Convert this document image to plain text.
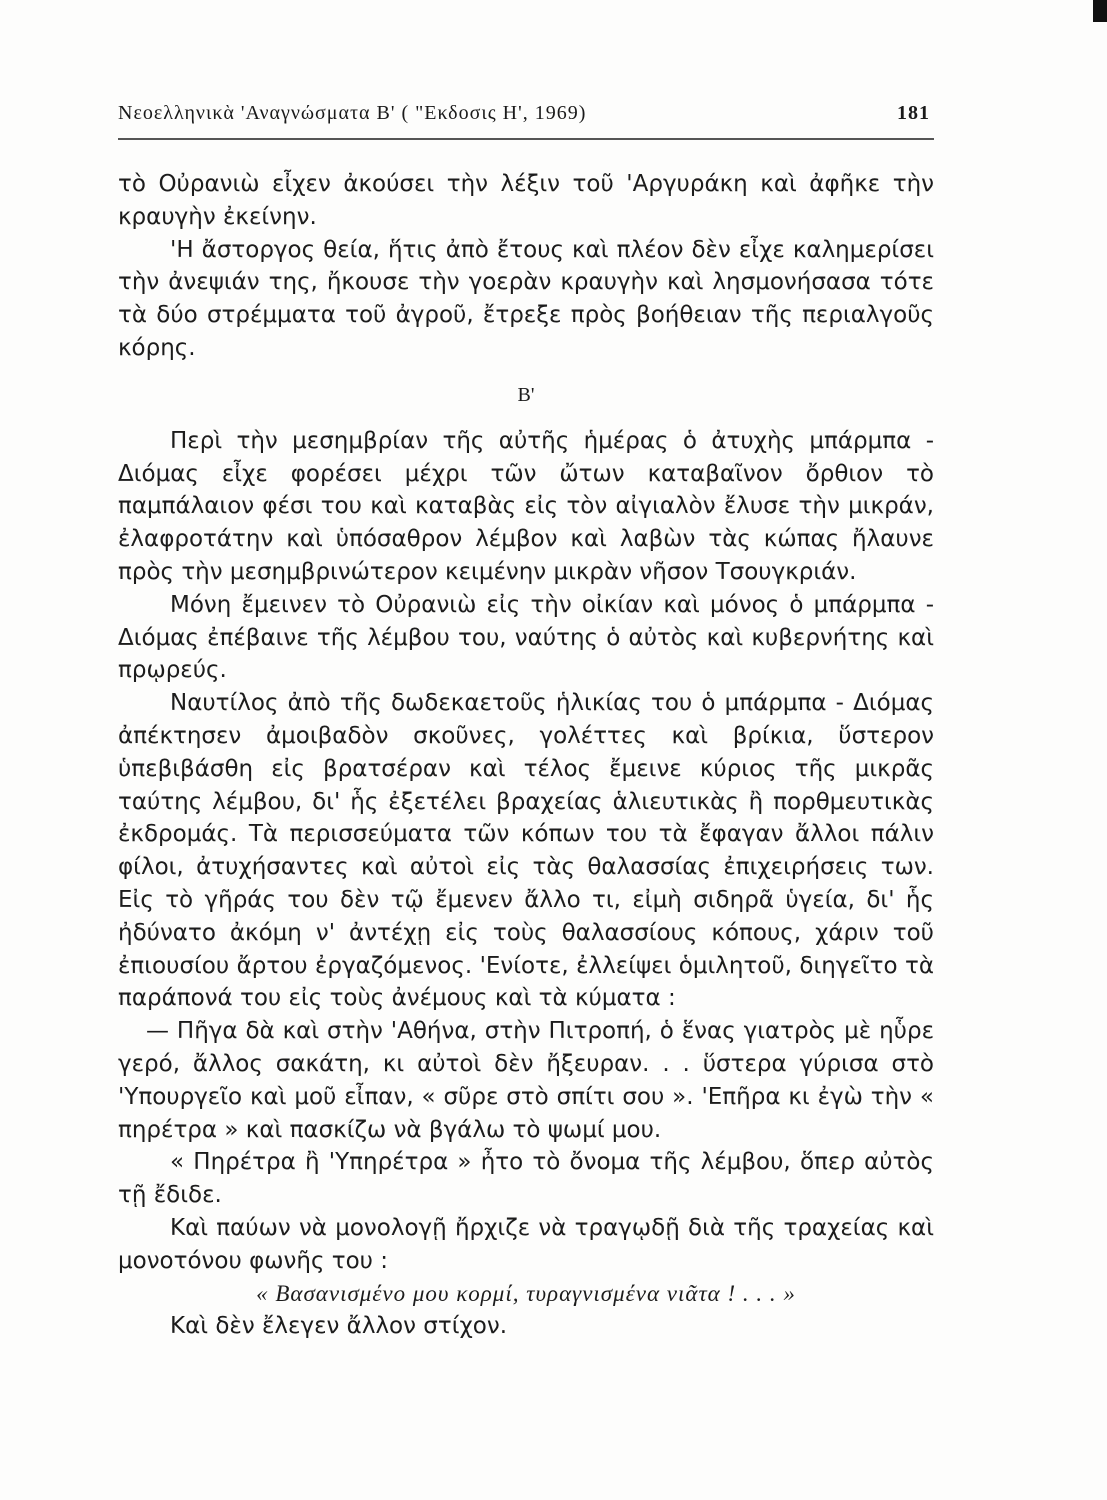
Νεοελληνικὰ 'Αναγνώσματα Β' ( "Εκδοσις Η', 1969)	181

τὸ Οὐρανιὼ εἶχεν ἀκούσει τὴν λέξιν τοῦ 'Αργυράκη καὶ ἀφῆκε τὴν κραυγὴν ἐκείνην.

'Η ἄστοργος θεία, ἥτις ἀπὸ ἔτους καὶ πλέον δὲν εἶχε καλημερίσει τὴν ἀνεψιάν της, ἤκουσε τὴν γοερὰν κραυγὴν καὶ λησμονήσασα τότε τὰ δύο στρέμματα τοῦ ἀγροῦ, ἔτρεξε πρὸς βοήθειαν τῆς περιαλγοῦς κόρης.

Β'

Περὶ τὴν μεσημβρίαν τῆς αὐτῆς ἡμέρας ὁ ἀτυχὴς μπάρμπα - Διόμας εἶχε φορέσει μέχρι τῶν ὤτων καταβαῖνον ὄρθιον τὸ παμπάλαιον φέσι του καὶ καταβὰς εἰς τὸν αἰγιαλὸν ἔλυσε τὴν μικράν, ἐλαφροτάτην καὶ ὑπόσαθρον λέμβον καὶ λαβὼν τὰς κώπας ἤλαυνε πρὸς τὴν μεσημβρινώτερον κειμένην μικρὰν νῆσον Τσουγκριάν.

Μόνη ἔμεινεν τὸ Οὐρανιὼ εἰς τὴν οἰκίαν καὶ μόνος ὁ μπάρμπα - Διόμας ἐπέβαινε τῆς λέμβου του, ναύτης ὁ αὐτὸς καὶ κυβερνήτης καὶ πρῳρεύς.

Ναυτίλος ἀπὸ τῆς δωδεκαετοῦς ἡλικίας του ὁ μπάρμπα - Διόμας ἀπέκτησεν ἀμοιβαδὸν σκοῦνες, γολέττες καὶ βρίκια, ὕστερον ὑπεβιβάσθη εἰς βρατσέραν καὶ τέλος ἔμεινε κύριος τῆς μικρᾶς ταύτης λέμβου, δι' ἧς ἐξετέλει βραχείας ἁλιευτικὰς ἢ πορθμευτικὰς ἐκδρομάς. Τὰ περισσεύματα τῶν κόπων του τὰ ἔφαγαν ἄλλοι πάλιν φίλοι, ἀτυχήσαντες καὶ αὐτοὶ εἰς τὰς θαλασσίας ἐπιχειρήσεις των. Εἰς τὸ γῆράς του δὲν τῷ ἔμενεν ἄλλο τι, εἰμὴ σιδηρᾶ ὑγεία, δι' ἧς ἠδύνατο ἀκόμη ν' ἀντέχῃ εἰς τοὺς θαλασσίους κόπους, χάριν τοῦ ἐπιουσίου ἄρτου ἐργαζόμενος. 'Ενίοτε, ἐλλείψει ὁμιλητοῦ, διηγεῖτο τὰ παράπονά του εἰς τοὺς ἀνέμους καὶ τὰ κύματα :

— Πῆγα δὰ καὶ στὴν 'Αθήνα, στὴν Πιτροπή, ὁ ἕνας γιατρὸς μὲ ηὗρε γερό, ἄλλος σακάτη, κι αὐτοὶ δὲν ἤξευραν. . . ὕστερα γύρισα στὸ 'Υπουργεῖο καὶ μοῦ εἶπαν, « σῦρε στὸ σπίτι σου ». 'Επῆρα κι ἐγὼ τὴν « πηρέτρα » καὶ πασκίζω νὰ βγάλω τὸ ψωμί μου.

« Πηρέτρα ἢ 'Υπηρέτρα » ἦτο τὸ ὄνομα τῆς λέμβου, ὅπερ αὐτὸς τῇ ἔδιδε.

Καὶ παύων νὰ μονολογῇ ἤρχιζε νὰ τραγῳδῇ διὰ τῆς τραχείας καὶ μονοτόνου φωνῆς του :

« Βασανισμένο μου κορμί, τυραγνισμένα νιᾶτα ! . . . »

Καὶ δὲν ἔλεγεν ἄλλον στίχον.
